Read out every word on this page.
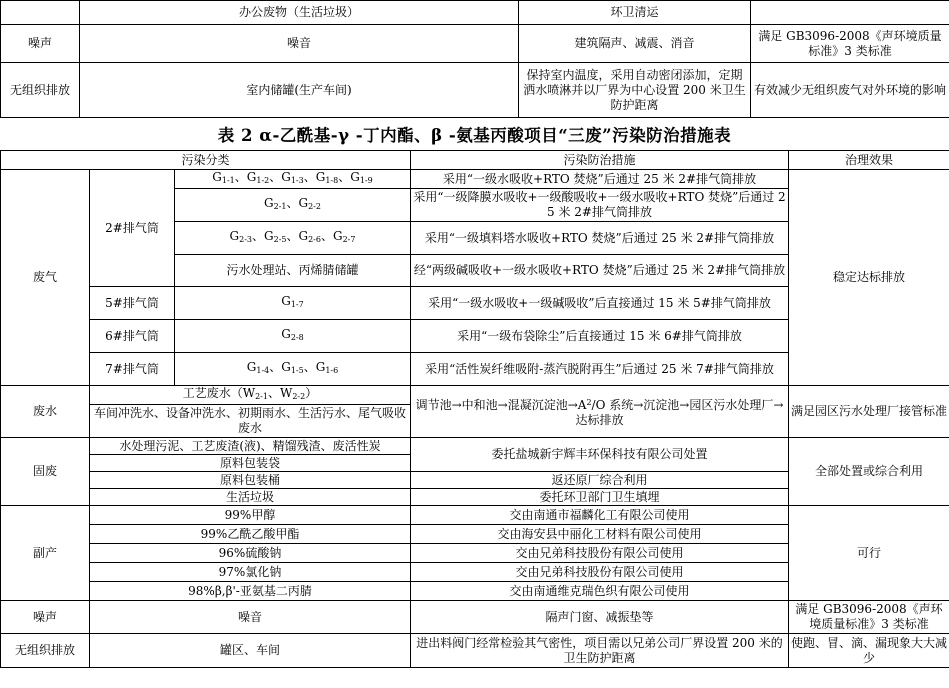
	办公废物（生活垃圾）	环卫清运	
噪声	噪音	建筑隔声、减震、消音	满足 GB3096-2008《声环境质量标准》3 类标准
无组织排放	室内储罐(生产车间)	保持室内温度，采用自动密闭添加，定期洒水喷淋并以厂界为中心设置 200 米卫生防护距离	有效减少无组织废气对外环境的影响
表 2 α-乙酰基-γ -丁内酯、β -氨基丙酸项目“三废”污染防治措施表
污染分类			污染防治措施	治理效果
废气	2#排气筒	$G_{1-1}$、$G_{1-2}$、$G_{1-3}$、$G_{1-8}$、$G_{1-9}$	采用“一级水吸收+RTO 焚烧”后通过 25 米 2#排气筒排放	稳定达标排放
		$G_{2-1}$、$G_{2-2}$	采用“一级降膜水吸收+一级酸吸收+一级水吸收+RTO 焚烧”后通过 25 米 2#排气筒排放	
		$G_{2-3}$、$G_{2-5}$、$G_{2-6}$、$G_{2-7}$	采用“一级填料塔水吸收+RTO 焚烧”后通过 25 米 2#排气筒排放	
		污水处理站、丙烯腈储罐	经“两级碱吸收+一级水吸收+RTO 焚烧”后通过 25 米 2#排气筒排放	
	5#排气筒	$G_{1-7}$	采用“一级水吸收+一级碱吸收”后直接通过 15 米 5#排气筒排放	
	6#排气筒	$G_{2-8}$	采用“一级布袋除尘”后直接通过 15 米 6#排气筒排放	
	7#排气筒	$G_{1-4}$、$G_{1-5}$、$G_{1-6}$	采用“活性炭纤维吸附-蒸汽脱附再生”后通过 25 米 7#排气筒排放	
废水	工艺废水（$W_{2-1}$、$W_{2-2}$）		调节池→中和池→混凝沉淀池$\to A^2/O$ 系统→沉淀池→园区污水处理厂→达标排放	满足园区污水处理厂接管标准
	车间冲洗水、设备冲洗水、初期雨水、生活污水、尾气吸收废水			
固废	水处理污泥、工艺废渣(液)、精馏残渣、废活性炭		委托盐城新宇辉丰环保科技有限公司处置	全部处置或综合利用
	原料包装袋			
	原料包装桶		返还原厂综合利用	
	生活垃圾		委托环卫部门卫生填埋	
副产	99%甲醇		交由南通市福麟化工有限公司使用	可行
	99%乙酰乙酸甲酯		交由海安县中丽化工材料有限公司使用	
	96%硫酸钠		交由兄弟科技股份有限公司使用	
	97%氯化钠		交由兄弟科技股份有限公司使用	
	98%β,β'-亚氨基二丙腈		交由南通维克瑞色织有限公司使用	
噪声	噪音		隔声门窗、减振垫等	满足 GB3096-2008《声环境质量标准》3 类标准
无组织排放	罐区、车间		进出料阀门经常检验其气密性，项目需以兄弟公司厂界设置 200 米的卫生防护距离	使跑、冒、滴、漏现象大大减少
